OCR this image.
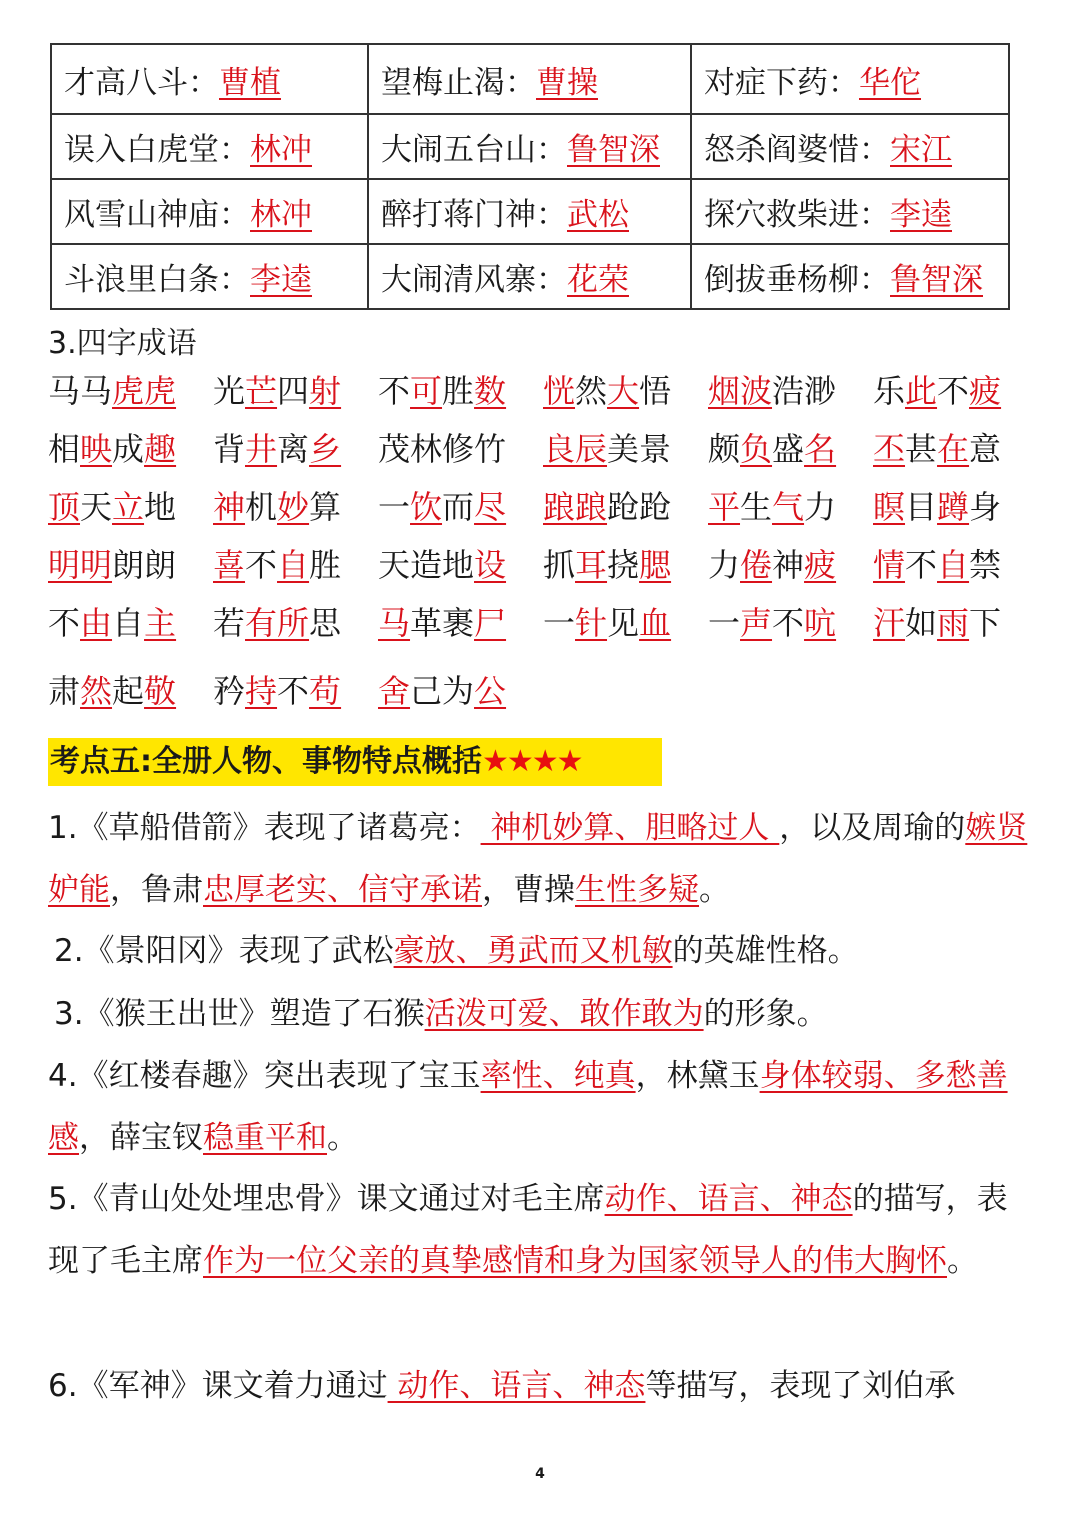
才高八斗：曹植	望梅止渴：曹操	对症下药：华佗
误入白虎堂：林冲	大闹五台山：鲁智深	怒杀阎婆惜：宋江
风雪山神庙：林冲	醉打蒋门神：武松	探穴救柴进：李逵
斗浪里白条：李逵	大闹清风寨：花荣	倒拔垂杨柳：鲁智深
3.四字成语
马马虎虎	光芒四射	不可胜数	恍然大悟	烟波浩渺	乐此不疲
相映成趣	背井离乡	茂林修竹	良辰美景	颇负盛名	丕甚在意
顶天立地	神机妙算	一饮而尽	踉踉跄跄	平生气力	瞑目蹲身
明明朗朗	喜不自胜	天造地设	抓耳挠腮	力倦神疲	情不自禁
不由自主	若有所思	马革裹尸	一针见血	一声不吭	汗如雨下
肃然起敬	矜持不苟	舍己为公
考点五:全册人物、事物特点概括★★★★
1.《草船借箭》表现了诸葛亮： 神机妙算、胆略过人 ，以及周瑜的嫉贤妒能，鲁肃忠厚老实、信守承诺，曹操生性多疑。
2.《景阳冈》表现了武松豪放、勇武而又机敏的英雄性格。
3.《猴王出世》塑造了石猴活泼可爱、敢作敢为的形象。
4.《红楼春趣》突出表现了宝玉率性、纯真，林黛玉身体较弱、多愁善感，薛宝钗稳重平和。
5.《青山处处埋忠骨》课文通过对毛主席动作、语言、神态的描写，表现了毛主席作为一位父亲的真挚感情和身为国家领导人的伟大胸怀。
6.《军神》课文着力通过 动作、语言、神态等描写，表现了刘伯承
4
